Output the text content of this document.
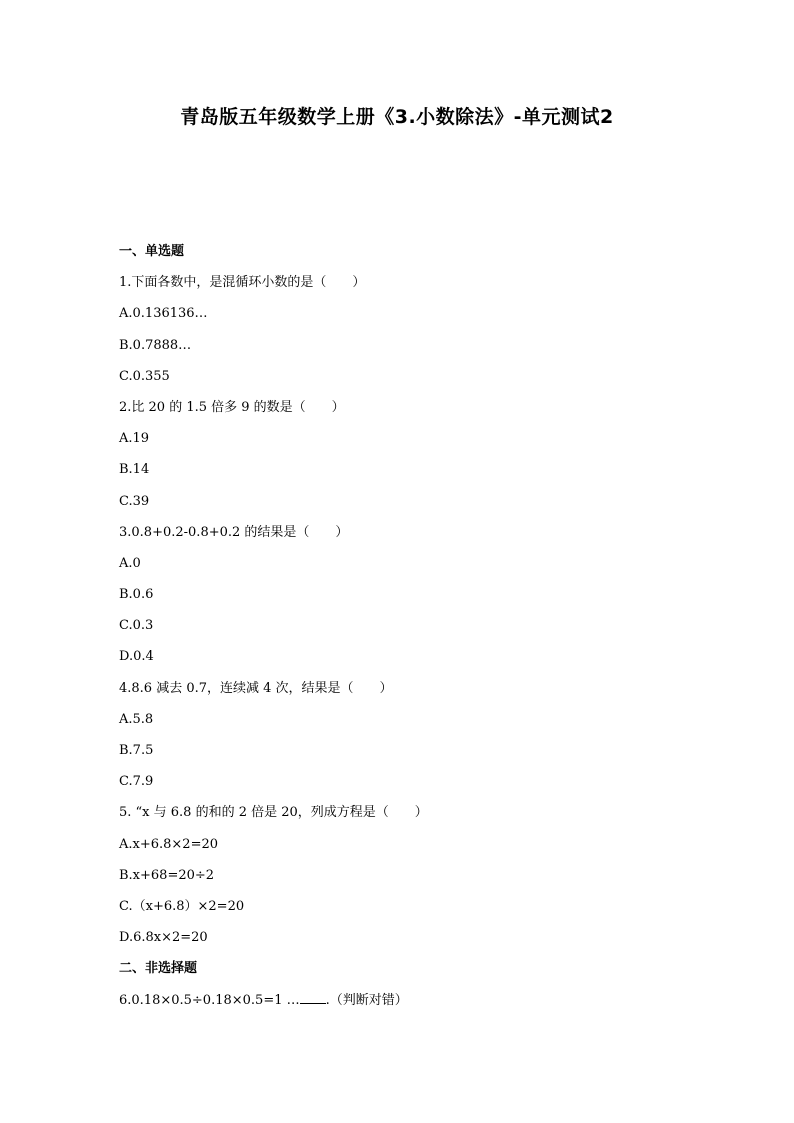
青岛版五年级数学上册《3.小数除法》-单元测试2
一、单选题
1.下面各数中，是混循环小数的是（　　）
A.0.136136…
B.0.7888…
C.0.355
2.比 20 的 1.5 倍多 9 的数是（　　）
A.19
B.14
C.39
3.0.8+0.2-0.8+0.2 的结果是（　　）
A.0
B.0.6
C.0.3
D.0.4
4.8.6 减去 0.7，连续减 4 次，结果是（　　）
A.5.8
B.7.5
C.7.9
5. “x 与 6.8 的和的 2 倍是 20，列成方程是（　　）
A.x+6.8×2=20
B.x+68=20÷2
C.（x+6.8）×2=20
D.6.8x×2=20
二、非选择题
6.0.18×0.5÷0.18×0.5=1 … .（判断对错）
